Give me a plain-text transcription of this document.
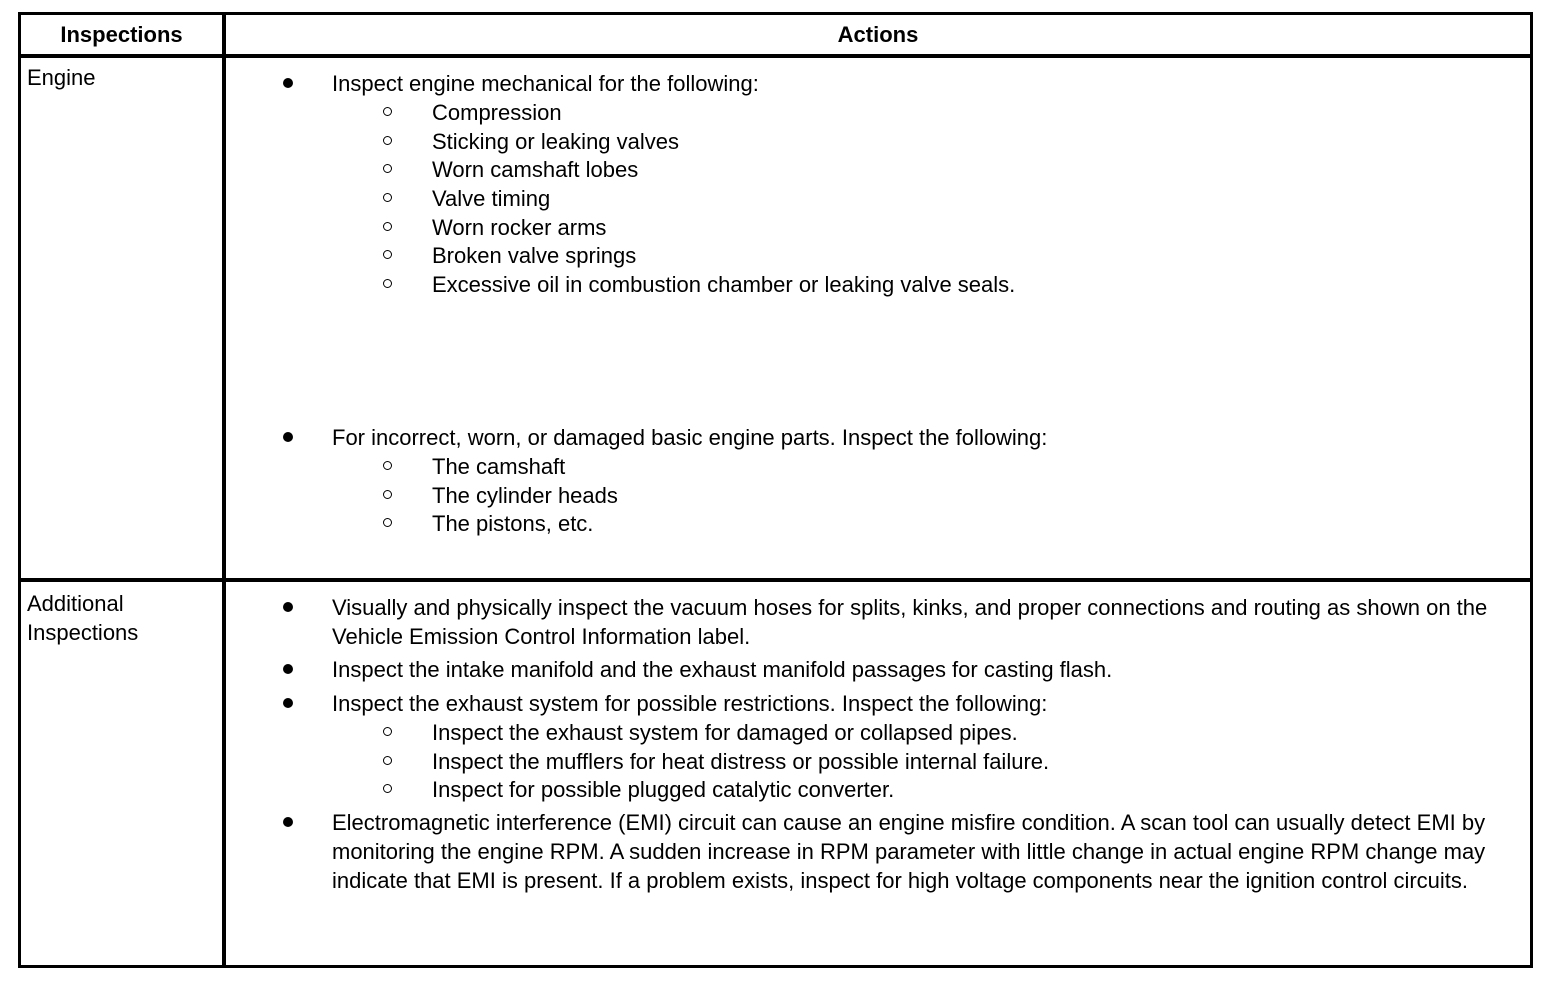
Inspections	Actions
Engine	Inspect engine mechanical for the following:
Compression
Sticking or leaking valves
Worn camshaft lobes
Valve timing
Worn rocker arms
Broken valve springs
Excessive oil in combustion chamber or leaking valve seals.
For incorrect, worn, or damaged basic engine parts. Inspect the following:
The camshaft
The cylinder heads
The pistons, etc.
Additional Inspections
Visually and physically inspect the vacuum hoses for splits, kinks, and proper connections and routing as shown on the Vehicle Emission Control Information label.
Inspect the intake manifold and the exhaust manifold passages for casting flash.
Inspect the exhaust system for possible restrictions. Inspect the following:
Inspect the exhaust system for damaged or collapsed pipes.
Inspect the mufflers for heat distress or possible internal failure.
Inspect for possible plugged catalytic converter.
Electromagnetic interference (EMI) circuit can cause an engine misfire condition. A scan tool can usually detect EMI by monitoring the engine RPM. A sudden increase in RPM parameter with little change in actual engine RPM change may indicate that EMI is present. If a problem exists, inspect for high voltage components near the ignition control circuits.
